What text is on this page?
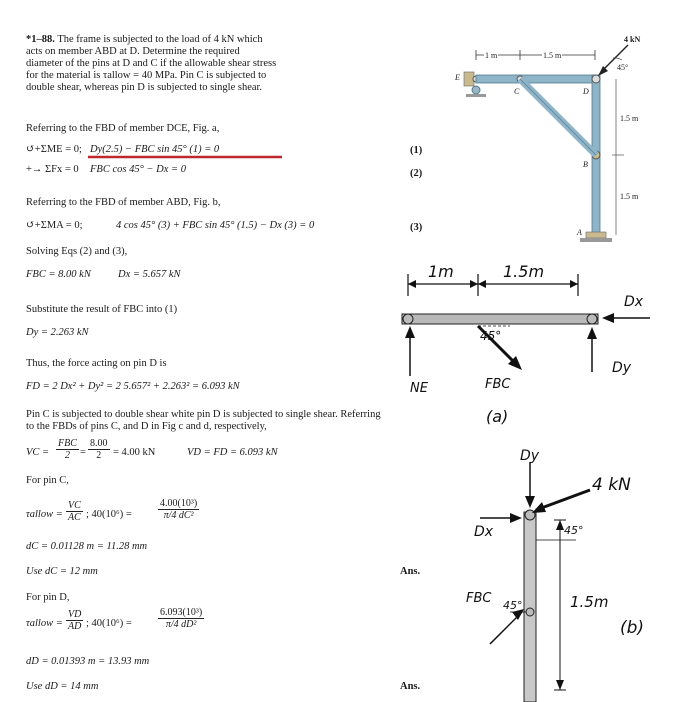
*1–88. The frame is subjected to the load of 4 kN which
acts on member ABD at D. Determine the required
diameter of the pins at D and C if the allowable shear stress
for the material is τallow = 40 MPa. Pin C is subjected to
double shear, whereas pin D is subjected to single shear.
Referring to the FBD of member DCE, Fig. a,
↺+ΣME = 0; Dy(2.5) − FBC sin 45° (1) = 0	(1)
+→ ΣFx = 0 FBC cos 45° − Dx = 0	(2)
Referring to the FBD of member ABD, Fig. b,
↺+ΣMA = 0;	4 cos 45° (3) + FBC sin 45° (1.5) − Dx (3) = 0	(3)
Solving Eqs (2) and (3),
FBC = 8.00 kN	Dx = 5.657 kN
Substitute the result of FBC into (1)
Dy = 2.263 kN
Thus, the force acting on pin D is
FD = 2 Dx² + Dy² = 2 5.657² + 2.263² = 6.093 kN
Pin C is subjected to double shear white pin D is subjected to single shear. Referring
to the FBDs of pins C, and D in Fig c and d, respectively,
VC =
FBC
$2 = \frac{8.00}{2} = 4.00$ kN	VD = FD = 6.093 kN
For pin C,
τallow = $\frac{VC}{AC}$ ; 40(10⁶) =	$\frac{\text{4.00(10³)}}{\text{π/4 dC²}}$
dC = 0.01128 m = 11.28 mm
Use dC = 12 mm	Ans.
For pin D,
τallow = $\frac{VD}{AD}$ ; 40(10⁶) =	$\frac{\text{6.093(10³)}}{\text{π/4 dD²}}$
dD = 0.01393 m = 13.93 mm
Use dD = 14 mm	Ans.
1 m	1.5 m
4 kN
45°
E
C	D
B
A
1.5 m
1.5 m
1m	1.5m
Dx
Dy
45°
NE	FBC
(a)
Dy
4 kN
45°
Dx
FBC 45°	1.5m
(b)
